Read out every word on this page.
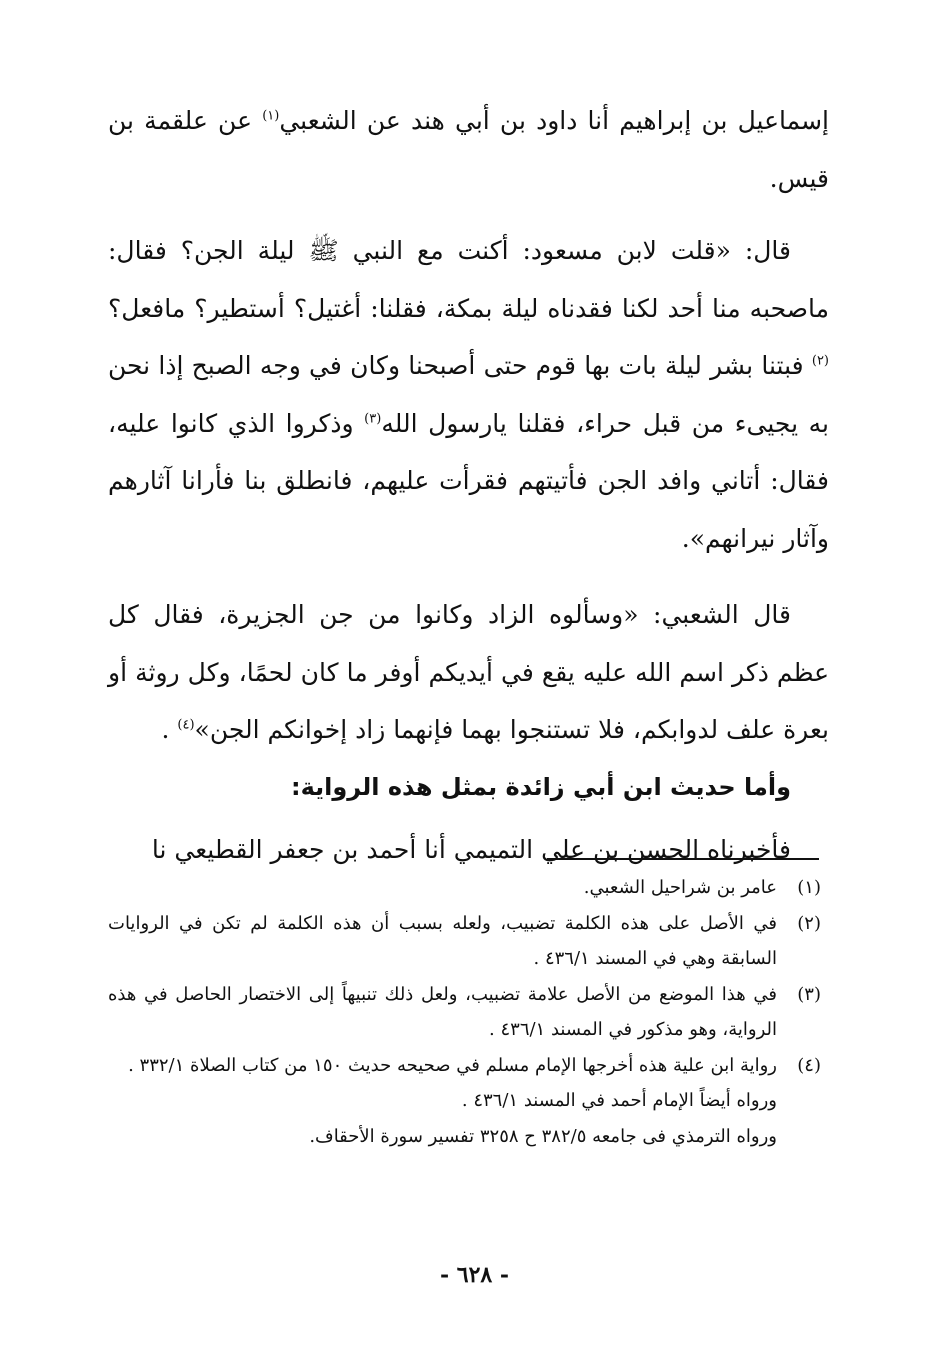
إسماعيل بن إبراهيم أنا داود بن أبي هند عن الشعبي$^{(١)}$ عن علقمة بن قيس.

قال: «قلت لابن مسعود: أكنت مع النبي ﷺ ليلة الجن؟ فقال: ماصحبه منا أحد لكنا فقدناه ليلة بمكة، فقلنا: أغتيل؟ أستطير؟ مافعل؟$^{(٢)}$ فبتنا بشر ليلة بات بها قوم حتى أصبحنا وكان في وجه الصبح إذا نحن به يجيىء من قبل حراء، فقلنا يارسول الله$^{(٣)}$ وذكروا الذي كانوا عليه، فقال: أتاني وافد الجن فأتيتهم فقرأت عليهم، فانطلق بنا فأرانا آثارهم وآثار نيرانهم».

قال الشعبي: «وسألوه الزاد وكانوا من جن الجزيرة، فقال كل عظم ذكر اسم الله عليه يقع في أيديكم أوفر ما كان لحمًا، وكل روثة أو بعرة علف لدوابكم، فلا تستنجوا بهما فإنهما زاد إخوانكم الجن»$^{(٤)}$ .

وأما حديث ابن أبي زائدة بمثل هذه الرواية:

فأخبرناه الحسن بن علي التميمي أنا أحمد بن جعفر القطيعي نا

(١)
عامر بن شراحيل الشعبي.
(٢)
في الأصل على هذه الكلمة تضبيب، ولعله بسبب أن هذه الكلمة لم تكن في الروايات السابقة وهي في المسند ٤٣٦/١ .
(٣)
في هذا الموضع من الأصل علامة تضبيب، ولعل ذلك تنبيهاً إلى الاختصار الحاصل في هذه الرواية، وهو مذكور في المسند ٤٣٦/١ .
(٤)
رواية ابن علية هذه أخرجها الإمام مسلم في صحيحه حديث ١٥٠ من كتاب الصلاة ٣٣٢/١ .

ورواه أيضاً الإمام أحمد في المسند ٤٣٦/١ .

ورواه الترمذي فى جامعه ٣٨٢/٥ ح ٣٢٥٨ تفسير سورة الأحقاف.

- ٦٢٨ -
